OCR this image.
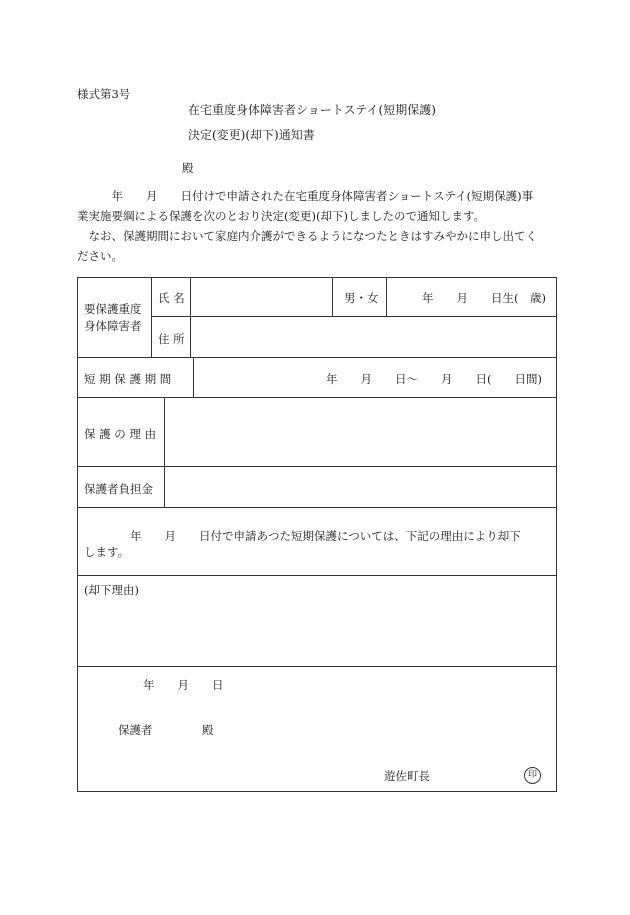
様式第3号
在宅重度身体障害者ショートステイ(短期保護)
決定(変更)(却下)通知書
殿
　　　年　　月　　日付けで申請された在宅重度身体障害者ショートステイ(短期保護)事
業実施要綱による保護を次のとおり決定(変更)(却下)しましたので通知します。
　なお、保護期間において家庭内介護ができるようになつたときはすみやかに申し出てく
ださい。
要保護重度
身体障害者
氏 名	男・女	年　　月　　日生(　歳)
住 所
短 期 保 護 期 間	年　　月　　日〜　　月　　日(　　日間)
保 護 の 理 由
保護者負担金
　　　　年　　月　　日付で申請あつた短期保護については、下記の理由により却下
します。
(却下理由)
年　　月　　日
保護者	殿
遊佐町長	印
